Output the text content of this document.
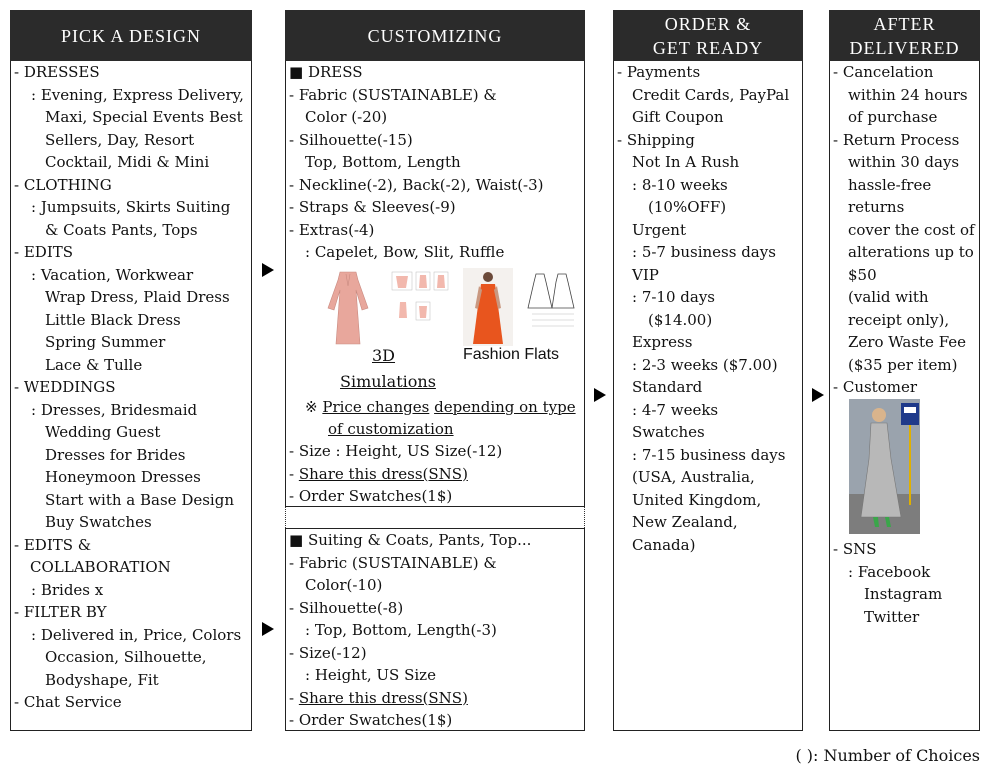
PICK A DESIGN
- DRESSES
: Evening, Express Delivery,
Maxi, Special Events Best
Sellers, Day, Resort
Cocktail, Midi & Mini
- CLOTHING
: Jumpsuits, Skirts Suiting
& Coats Pants, Tops
- EDITS
: Vacation, Workwear
Wrap Dress, Plaid Dress
Little Black Dress
Spring Summer
Lace & Tulle
- WEDDINGS
: Dresses, Bridesmaid
Wedding Guest
Dresses for Brides
Honeymoon Dresses
Start with a Base Design
Buy Swatches
- EDITS &
COLLABORATION
: Brides x
- FILTER BY
: Delivered in, Price, Colors
Occasion, Silhouette,
Bodyshape, Fit
- Chat Service
CUSTOMIZING
■ DRESS
- Fabric (SUSTAINABLE) &
Color (-20)
- Silhouette(-15)
Top, Bottom, Length
- Neckline(-2), Back(-2), Waist(-3)
- Straps & Sleeves(-9)
- Extras(-4)
: Capelet, Bow, Slit, Ruffle
3D	Fashion Flats
Simulations
※ Price changes depending on type
of customization
- Size : Height, US Size(-12)
- Share this dress(SNS)
- Order Swatches(1$)
■ Suiting & Coats, Pants, Top...
- Fabric (SUSTAINABLE) &
Color(-10)
- Silhouette(-8)
: Top, Bottom, Length(-3)
- Size(-12)
: Height, US Size
- Share this dress(SNS)
- Order Swatches(1$)
ORDER &
GET READY
- Payments
Credit Cards, PayPal
Gift Coupon
- Shipping
Not In A Rush
: 8-10 weeks
(10%OFF)
Urgent
: 5-7 business days
VIP
: 7-10 days
($14.00)
Express
: 2-3 weeks ($7.00)
Standard
: 4-7 weeks
Swatches
: 7-15 business days
(USA, Australia,
United Kingdom,
New Zealand,
Canada)
AFTER
DELIVERED
- Cancelation
within 24 hours
of purchase
- Return Process
within 30 days
hassle-free
returns
cover the cost of
alterations up to
$50
(valid with
receipt only),
Zero Waste Fee
($35 per item)
- Customer
- SNS
: Facebook
Instagram
Twitter
( ): Number of Choices
